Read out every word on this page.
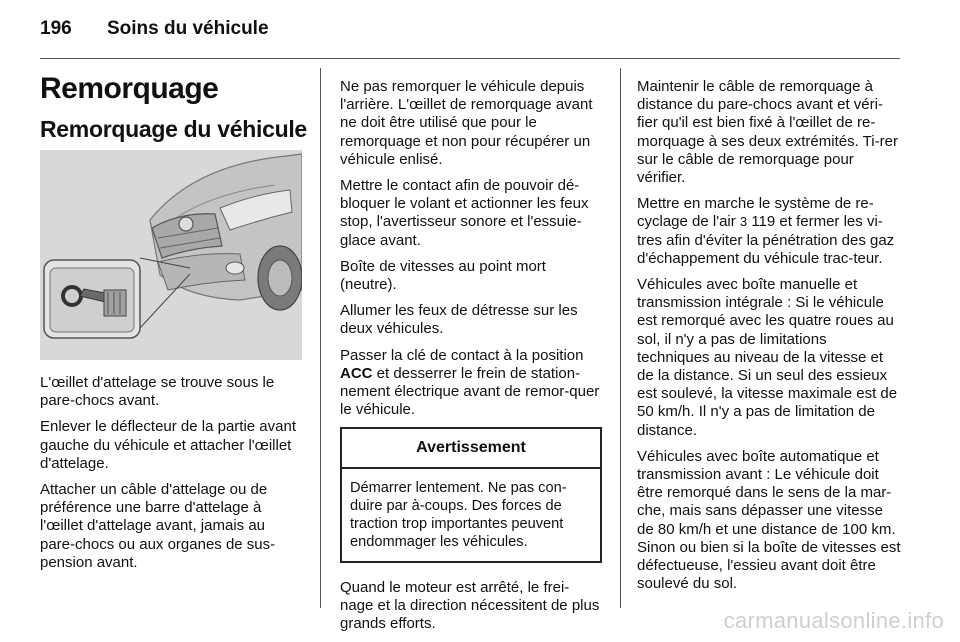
196 Soins du véhicule
Remorquage
Remorquage du véhicule

L'œillet d'attelage se trouve sous le pare-chocs avant.

Enlever le déflecteur de la partie avant gauche du véhicule et attacher l'œillet d'attelage.

Attacher un câble d'attelage ou de préférence une barre d'attelage à l'œillet d'attelage avant, jamais au pare-chocs ou aux organes de sus-pension avant.

Ne pas remorquer le véhicule depuis l'arrière. L'œillet de remorquage avant ne doit être utilisé que pour le remorquage et non pour récupérer un véhicule enlisé.

Mettre le contact afin de pouvoir dé-bloquer le volant et actionner les feux stop, l'avertisseur sonore et l'essuie-glace avant.

Boîte de vitesses au point mort (neutre).

Allumer les feux de détresse sur les deux véhicules.

Passer la clé de contact à la position ACC et desserrer le frein de station-nement électrique avant de remor-quer le véhicule.

Avertissement
Démarrer lentement. Ne pas con-duire par à-coups. Des forces de traction trop importantes peuvent endommager les véhicules.

Quand le moteur est arrêté, le frei-nage et la direction nécessitent de plus grands efforts.

Maintenir le câble de remorquage à distance du pare-chocs avant et véri-fier qu'il est bien fixé à l'œillet de re-morquage à ses deux extrémités. Ti-rer sur le câble de remorquage pour vérifier.

Mettre en marche le système de re-cyclage de l'air 3 119 et fermer les vi-tres afin d'éviter la pénétration des gaz d'échappement du véhicule trac-teur.

Véhicules avec boîte manuelle et transmission intégrale : Si le véhicule est remorqué avec les quatre roues au sol, il n'y a pas de limitations techniques au niveau de la vitesse et de la distance. Si un seul des essieux est soulevé, la vitesse maximale est de 50 km/h. Il n'y a pas de limitation de distance.

Véhicules avec boîte automatique et transmission avant : Le véhicule doit être remorqué dans le sens de la mar-che, mais sans dépasser une vitesse de 80 km/h et une distance de 100 km. Sinon ou bien si la boîte de vitesses est défectueuse, l'essieu avant doit être soulevé du sol.

carmanualsonline.info
